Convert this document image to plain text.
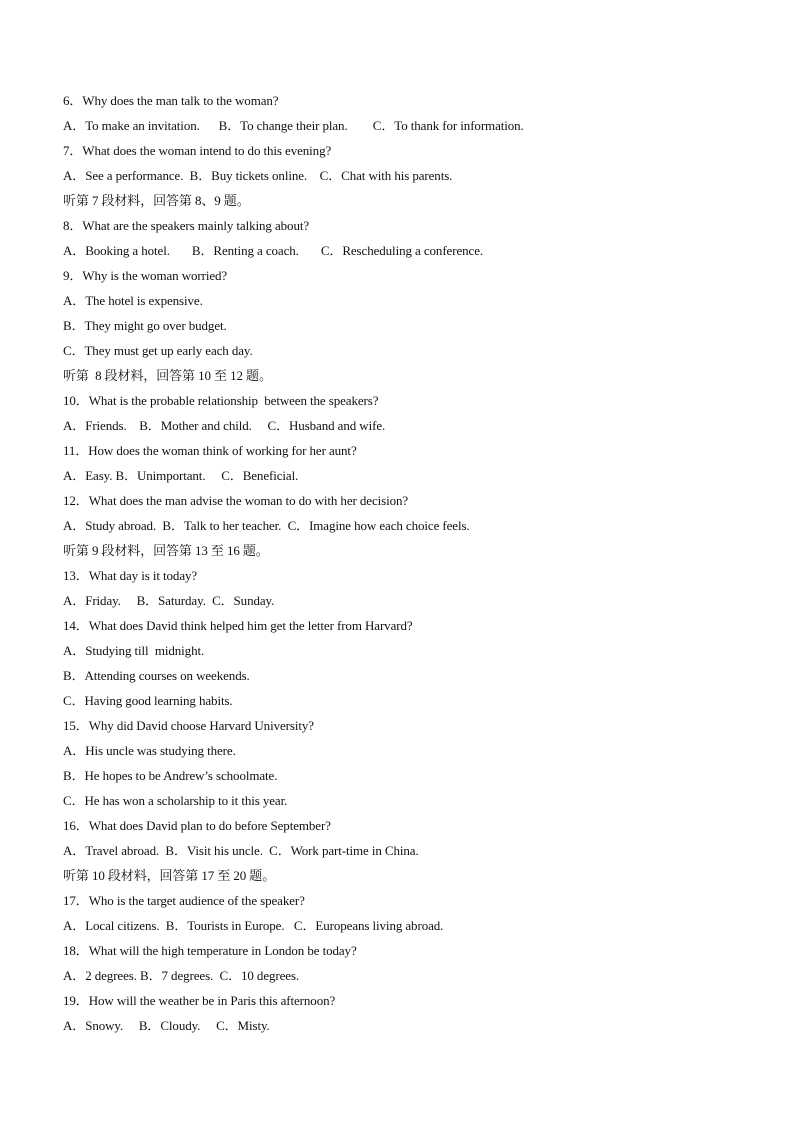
6．Why does the man talk to the woman?
A．To make an invitation.      B．To change their plan.        C．To thank for information.
7．What does the woman intend to do this evening?
A．See a performance.  B．Buy tickets online.    C．Chat with his parents.
听第 7 段材料，回答第 8、9 题。
8．What are the speakers mainly talking about?
A．Booking a hotel.       B．Renting a coach.       C．Rescheduling a conference.
9．Why is the woman worried?
A．The hotel is expensive.
B．They might go over budget.
C．They must get up early each day.
听第  8 段材料，回答第 10 至 12 题。
10．What is the probable relationship  between the speakers?
A．Friends.    B．Mother and child.     C．Husband and wife.
11．How does the woman think of working for her aunt?
A．Easy. B．Unimportant.     C．Beneficial.
12．What does the man advise the woman to do with her decision?
A．Study abroad.  B．Talk to her teacher.  C．Imagine how each choice feels.
听第 9 段材料，回答第 13 至 16 题。
13．What day is it today?
A．Friday.     B．Saturday.  C．Sunday.
14．What does David think helped him get the letter from Harvard?
A．Studying till  midnight.
B．Attending courses on weekends.
C．Having good learning habits.
15．Why did David choose Harvard University?
A．His uncle was studying there.
B．He hopes to be Andrew’s schoolmate.
C．He has won a scholarship to it this year.
16．What does David plan to do before September?
A．Travel abroad.  B．Visit his uncle.  C．Work part-time in China.
听第 10 段材料，回答第 17 至 20 题。
17．Who is the target audience of the speaker?
A．Local citizens.  B．Tourists in Europe.   C．Europeans living abroad.
18．What will the high temperature in London be today?
A．2 degrees. B．7 degrees.  C．10 degrees.
19．How will the weather be in Paris this afternoon?
A．Snowy.     B．Cloudy.     C．Misty.
